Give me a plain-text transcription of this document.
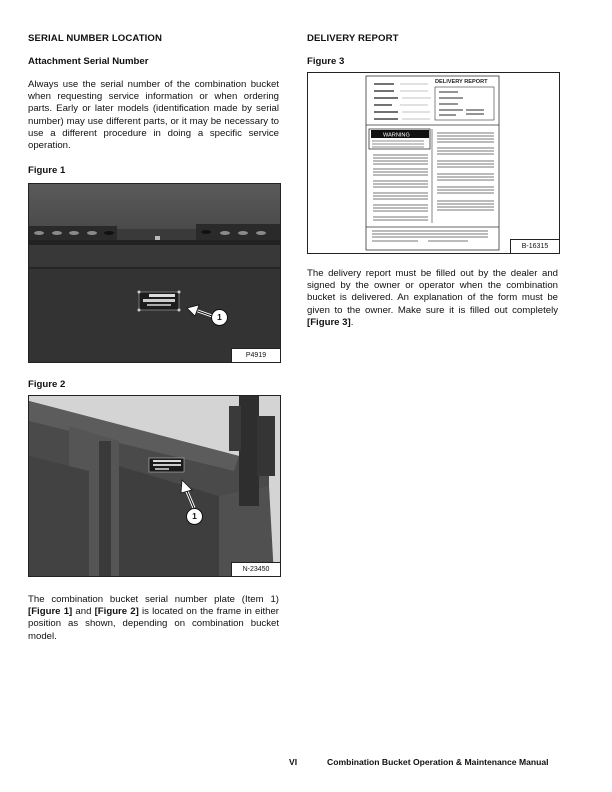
SERIAL NUMBER LOCATION
Attachment Serial Number

Always use the serial number of the combination bucket when requesting service information or when ordering parts. Early or later models (identification made by serial number) may use different parts, or it may be necessary to use a different procedure in doing a specific service operation.

Figure 1
1
P4919
Figure 2
1
N-23450

The combination bucket serial number plate (Item 1) [Figure 1] and [Figure 2] is located on the frame in either position as shown, depending on combination bucket model.

DELIVERY REPORT
Figure 3
DELIVERY REPORT
WARNING
B-16315

The delivery report must be filled out by the dealer and signed by the owner or operator when the combination bucket is delivered. An explanation of the form must be given to the owner. Make sure it is filled out completely [Figure 3].

VI	Combination Bucket Operation & Maintenance Manual
